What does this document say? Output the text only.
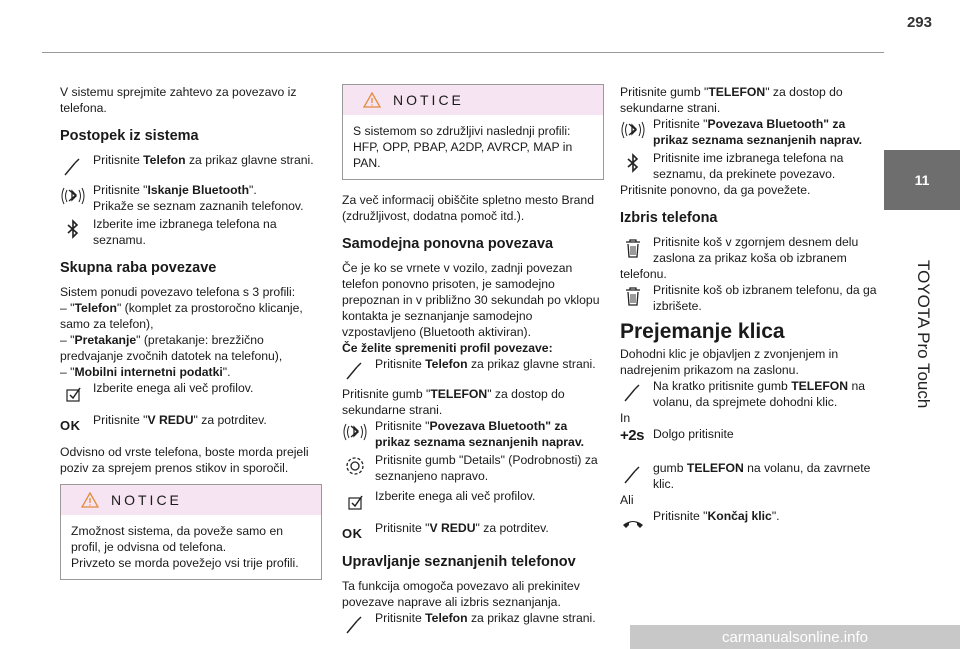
293
11
TOYOTA Pro Touch

V sistemu sprejmite zahtevo za povezavo iz telefona.

Postopek iz sistema
Pritisnite Telefon za prikaz glavne strani.
Pritisnite "Iskanje Bluetooth".
Prikaže se seznam zaznanih telefonov.
Izberite ime izbranega telefona na seznamu.
Skupna raba povezave

Sistem ponudi povezavo telefona s 3 profili:

– "Telefon" (komplet za prostoročno klicanje, samo za telefon),
– "Pretakanje" (pretakanje: brezžično predvajanje zvočnih datotek na telefonu),
– "Mobilni internetni podatki".
Izberite enega ali več profilov.
OK	Pritisnite "V REDU" za potrditev.

Odvisno od vrste telefona, boste morda prejeli poziv za sprejem prenos stikov in sporočil.

NOTICE
Zmožnost sistema, da poveže samo en profil, je odvisna od telefona.
Privzeto se morda povežejo vsi trije profili.
NOTICE
S sistemom so združljivi naslednji profili: HFP, OPP, PBAP, A2DP, AVRCP, MAP in PAN.

Za več informacij obiščite spletno mesto Brand (združljivost, dodatna pomoč itd.).

Samodejna ponovna povezava

Če je ko se vrnete v vozilo, zadnji povezan telefon ponovno prisoten, je samodejno prepoznan in v približno 30 sekundah po vklopu kontakta je seznanjanje samodejno vzpostavljeno (Bluetooth aktiviran).

Če želite spremeniti profil povezave:
Pritisnite Telefon za prikaz glavne strani.

Pritisnite gumb "TELEFON" za dostop do sekundarne strani.

Pritisnite "Povezava Bluetooth" za prikaz seznama seznanjenih naprav.
Pritisnite gumb "Details" (Podrobnosti) za seznanjeno napravo.
Izberite enega ali več profilov.
OK	Pritisnite "V REDU" za potrditev.
Upravljanje seznanjenih telefonov

Ta funkcija omogoča povezavo ali prekinitev povezave naprave ali izbris seznanjanja.

Pritisnite Telefon za prikaz glavne strani.

Pritisnite gumb "TELEFON" za dostop do sekundarne strani.

Pritisnite "Povezava Bluetooth" za prikaz seznama seznanjenih naprav.
Pritisnite ime izbranega telefona na seznamu, da prekinete povezavo.

Pritisnite ponovno, da ga povežete.

Izbris telefona
Pritisnite koš v zgornjem desnem delu zaslona za prikaz koša ob izbranem
telefonu.
Pritisnite koš ob izbranem telefonu, da ga izbrišete.
Prejemanje klica

Dohodni klic je objavljen z zvonjenjem in nadrejenim prikazom na zaslonu.

Na kratko pritisnite gumb TELEFON na volanu, da sprejmete dohodni klic.
In
+2s Dolgo pritisnite
gumb TELEFON na volanu, da zavrnete klic.
Ali
Pritisnite "Končaj klic".
carmanualsonline.info
